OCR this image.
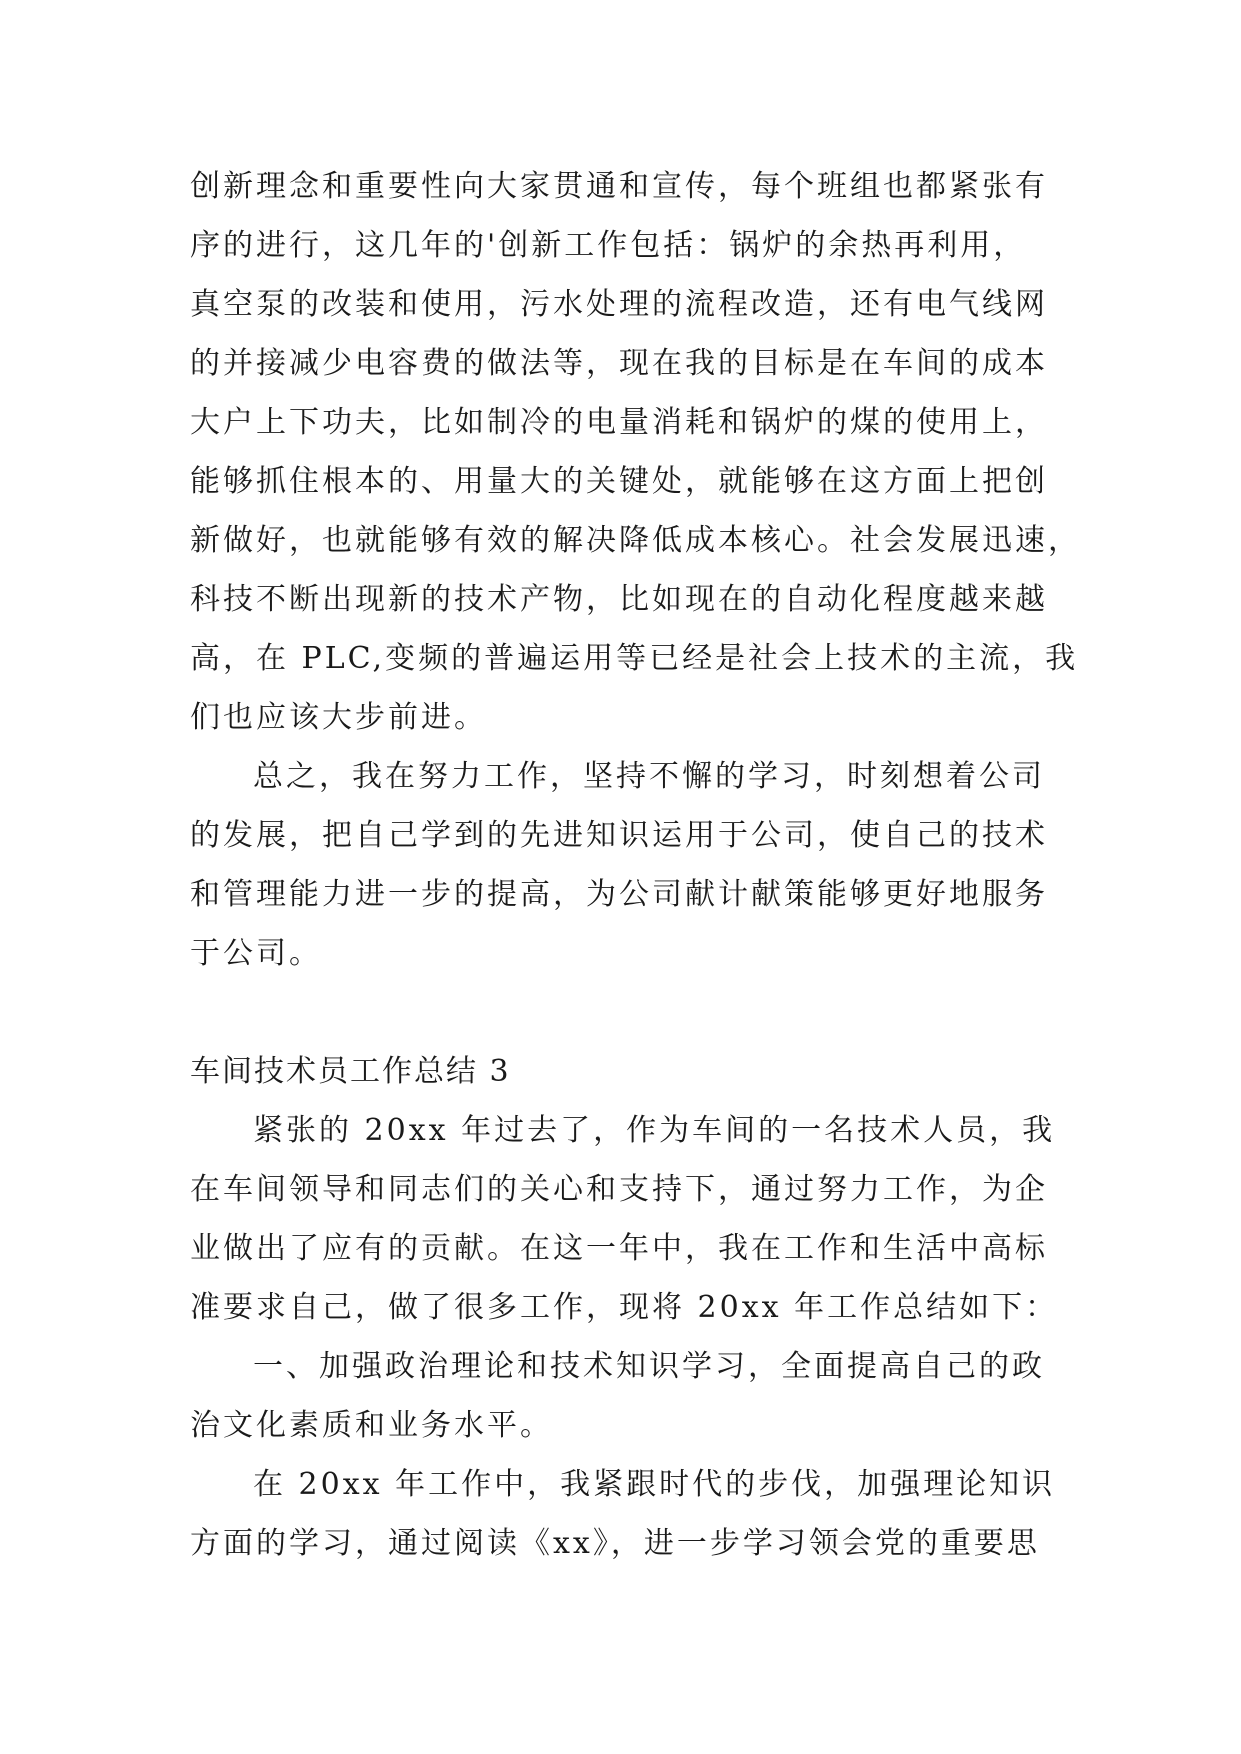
创新理念和重要性向大家贯通和宣传，每个班组也都紧张有
序的进行，这几年的'创新工作包括：锅炉的余热再利用，
真空泵的改装和使用，污水处理的流程改造，还有电气线网
的并接减少电容费的做法等，现在我的目标是在车间的成本
大户上下功夫，比如制冷的电量消耗和锅炉的煤的使用上，
能够抓住根本的、用量大的关键处，就能够在这方面上把创
新做好，也就能够有效的解决降低成本核心。社会发展迅速，
科技不断出现新的技术产物，比如现在的自动化程度越来越
高，在 PLC,变频的普遍运用等已经是社会上技术的主流，我
们也应该大步前进。
总之，我在努力工作，坚持不懈的学习，时刻想着公司
的发展，把自己学到的先进知识运用于公司，使自己的技术
和管理能力进一步的提高，为公司献计献策能够更好地服务
于公司。
车间技术员工作总结 3
紧张的 20xx 年过去了，作为车间的一名技术人员，我
在车间领导和同志们的关心和支持下，通过努力工作，为企
业做出了应有的贡献。在这一年中，我在工作和生活中高标
准要求自己，做了很多工作，现将 20xx 年工作总结如下：
一、加强政治理论和技术知识学习，全面提高自己的政
治文化素质和业务水平。
在 20xx 年工作中，我紧跟时代的步伐，加强理论知识
方面的学习，通过阅读《xx》，进一步学习领会党的重要思
